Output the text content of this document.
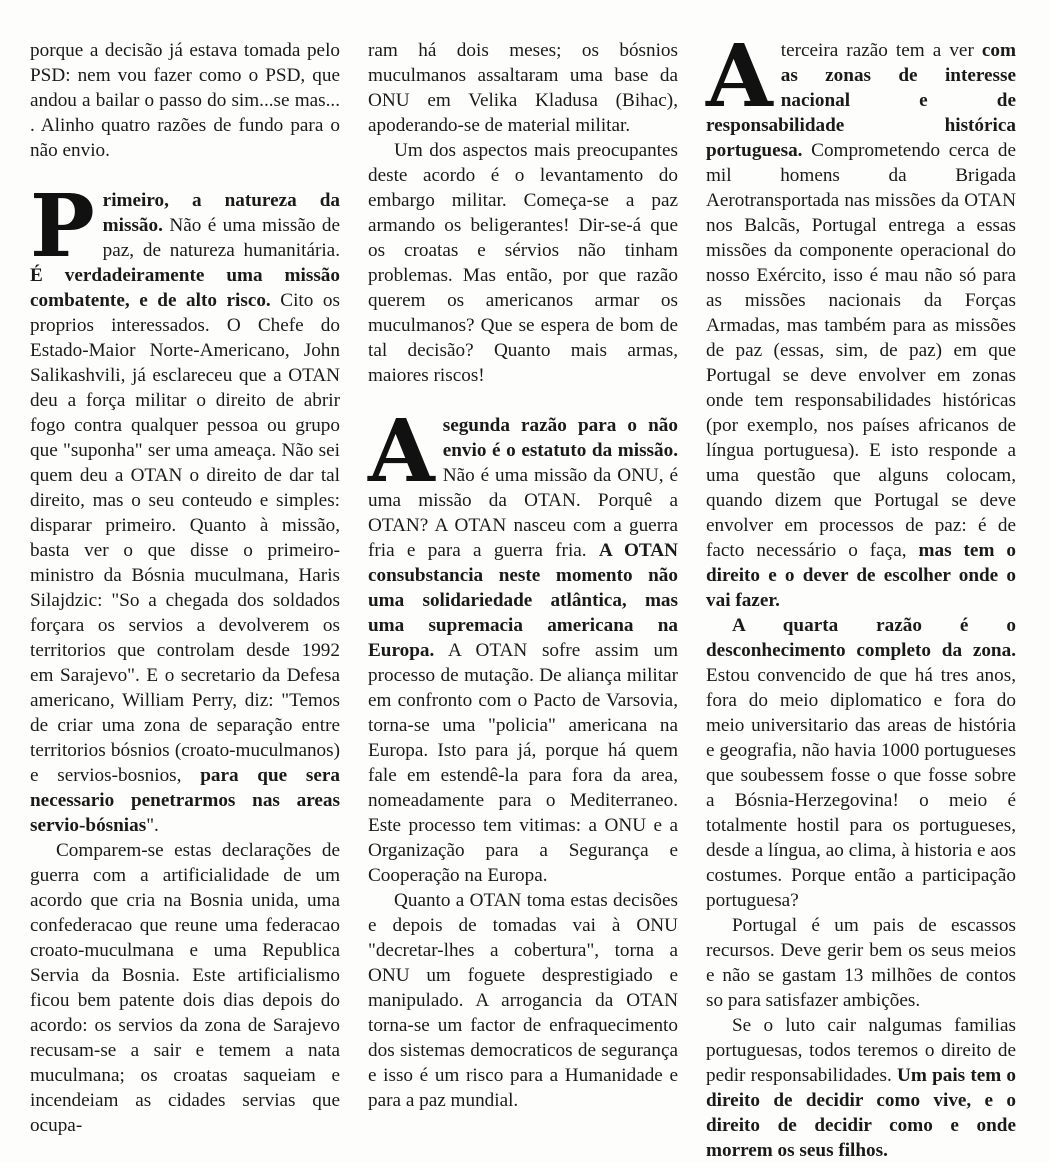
porque a decisão já estava tomada pelo PSD: nem vou fazer como o PSD, que andou a bailar o passo do sim...se mas... . Alinho quatro razões de fundo para o não envio.

Primeiro, a natureza da missão. Não é uma missão de paz, de natureza humanitária. É verdadeiramente uma missão combatente, e de alto risco. Cito os proprios interessados. O Chefe do Estado-Maior Norte-Americano, John Salikashvili, já esclareceu que a OTAN deu a força militar o direito de abrir fogo contra qualquer pessoa ou grupo que "suponha" ser uma ameaça. Não sei quem deu a OTAN o direito de dar tal direito, mas o seu conteudo e simples: disparar primeiro. Quanto à missão, basta ver o que disse o primeiro-ministro da Bósnia muculmana, Haris Silajdzic: "So a chegada dos soldados forçara os servios a devolverem os territorios que controlam desde 1992 em Sarajevo". E o secretario da Defesa americano, William Perry, diz: "Temos de criar uma zona de separação entre territorios bósnios (croato-muculmanos) e servios-bosnios, para que sera necessario penetrarmos nas areas servio-bósnias".

Comparem-se estas declarações de guerra com a artificialidade de um acordo que cria na Bosnia unida, uma confederacao que reune uma federacao croato-muculmana e uma Republica Servia da Bosnia. Este artificialismo ficou bem patente dois dias depois do acordo: os servios da zona de Sarajevo recusam-se a sair e temem a nata muculmana; os croatas saqueiam e incendeiam as cidades servias que ocupa-

ram há dois meses; os bósnios muculmanos assaltaram uma base da ONU em Velika Kladusa (Bihac), apoderando-se de material militar.

Um dos aspectos mais preocupantes deste acordo é o levantamento do embargo militar. Começa-se a paz armando os beligerantes! Dir-se-á que os croatas e sérvios não tinham problemas. Mas então, por que razão querem os americanos armar os muculmanos? Que se espera de bom de tal decisão? Quanto mais armas, maiores riscos!

Asegunda razão para o não envio é o estatuto da missão. Não é uma missão da ONU, é uma missão da OTAN. Porquê a OTAN? A OTAN nasceu com a guerra fria e para a guerra fria. A OTAN consubstancia neste momento não uma solidariedade atlântica, mas uma supremacia americana na Europa. A OTAN sofre assim um processo de mutação. De aliança militar em confronto com o Pacto de Varsovia, torna-se uma "policia" americana na Europa. Isto para já, porque há quem fale em estendê-la para fora da area, nomeadamente para o Mediterraneo. Este processo tem vitimas: a ONU e a Organização para a Segurança e Cooperação na Europa.

Quanto a OTAN toma estas decisões e depois de tomadas vai à ONU "decretar-lhes a cobertura", torna a ONU um foguete desprestigiado e manipulado. A arrogancia da OTAN torna-se um factor de enfraquecimento dos sistemas democraticos de segurança e isso é um risco para a Humanidade e para a paz mundial.

A terceira razão tem a ver com as zonas de interesse nacional e de responsabilidade histórica portuguesa. Comprometendo cerca de mil homens da Brigada Aerotransportada nas missões da OTAN nos Balcãs, Portugal entrega a essas missões da componente operacional do nosso Exército, isso é mau não só para as missões nacionais da Forças Armadas, mas também para as missões de paz (essas, sim, de paz) em que Portugal se deve envolver em zonas onde tem responsabilidades históricas (por exemplo, nos países africanos de língua portuguesa). E isto responde a uma questão que alguns colocam, quando dizem que Portugal se deve envolver em processos de paz: é de facto necessário o faça, mas tem o direito e o dever de escolher onde o vai fazer.

A quarta razão é o desconhecimento completo da zona. Estou convencido de que há tres anos, fora do meio diplomatico e fora do meio universitario das areas de história e geografia, não havia 1000 portugueses que soubessem fosse o que fosse sobre a Bósnia-Herzegovina! o meio é totalmente hostil para os portugueses, desde a língua, ao clima, à historia e aos costumes. Porque então a participação portuguesa?

Portugal é um pais de escassos recursos. Deve gerir bem os seus meios e não se gastam 13 milhões de contos so para satisfazer ambições.

Se o luto cair nalgumas familias portuguesas, todos teremos o direito de pedir responsabilidades. Um pais tem o direito de decidir como vive, e o direito de decidir como e onde morrem os seus filhos.
